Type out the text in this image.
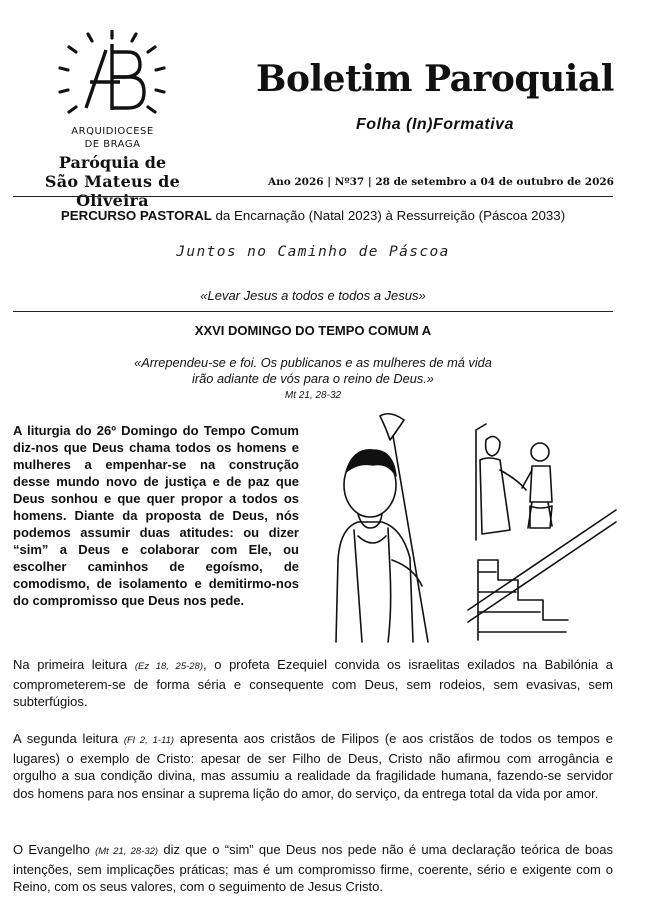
ARQUIDIOCESE
DE BRAGA
Paróquia de
São Mateus de Oliveira
Boletim Paroquial
Folha (In)Formativa
Ano 2026 | Nº37 | 28 de setembro a 04 de outubro de 2026
PERCURSO PASTORAL da Encarnação (Natal 2023) à Ressurreição (Páscoa 2033)
Juntos no Caminho de Páscoa
«Levar Jesus a todos e todos a Jesus»
XXVI DOMINGO DO TEMPO COMUM A
«Arrependeu-se e foi. Os publicanos e as mulheres de má vida
irão adiante de vós para o reino de Deus.»
Mt 21, 28-32

A liturgia do 26º Domingo do Tempo Comum diz-nos que Deus chama todos os homens e mulheres a empenhar-se na construção desse mundo novo de justiça e de paz que Deus sonhou e que quer propor a todos os homens. Diante da proposta de Deus, nós podemos assumir duas atitudes: ou dizer “sim” a Deus e colaborar com Ele, ou escolher caminhos de egoísmo, de comodismo, de isolamento e demitirmo-nos do compromisso que Deus nos pede.

Na primeira leitura (Ez 18, 25-28), o profeta Ezequiel convida os israelitas exilados na Babilónia a comprometerem-se de forma séria e consequente com Deus, sem rodeios, sem evasivas, sem subterfúgios.

A segunda leitura (Fl 2, 1-11) apresenta aos cristãos de Filipos (e aos cristãos de todos os tempos e lugares) o exemplo de Cristo: apesar de ser Filho de Deus, Cristo não afirmou com arrogância e orgulho a sua condição divina, mas assumiu a realidade da fragilidade humana, fazendo-se servidor dos homens para nos ensinar a suprema lição do amor, do serviço, da entrega total da vida por amor.

O Evangelho (Mt 21, 28-32) diz que o “sim” que Deus nos pede não é uma declaração teórica de boas intenções, sem implicações práticas; mas é um compromisso firme, coerente, sério e exigente com o Reino, com os seus valores, com o seguimento de Jesus Cristo.
